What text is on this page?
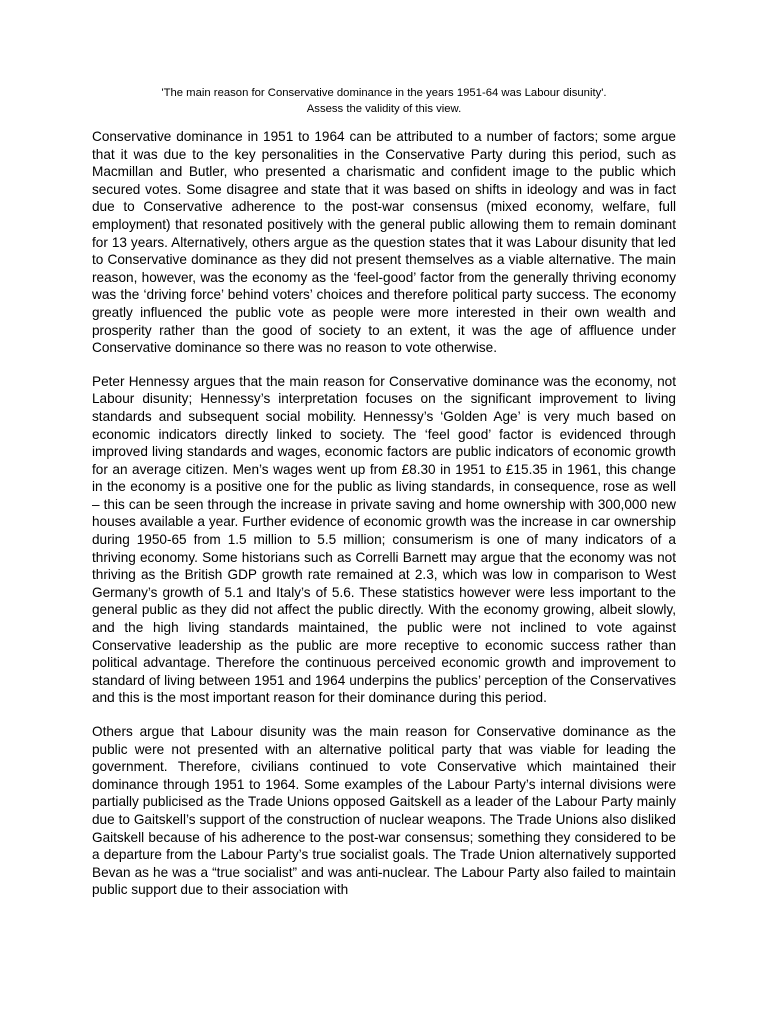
'The main reason for Conservative dominance in the years 1951-64 was Labour disunity'.
Assess the validity of this view.

Conservative dominance in 1951 to 1964 can be attributed to a number of factors; some argue that it was due to the key personalities in the Conservative Party during this period, such as Macmillan and Butler, who presented a charismatic and confident image to the public which secured votes. Some disagree and state that it was based on shifts in ideology and was in fact due to Conservative adherence to the post-war consensus (mixed economy, welfare, full employment) that resonated positively with the general public allowing them to remain dominant for 13 years. Alternatively, others argue as the question states that it was Labour disunity that led to Conservative dominance as they did not present themselves as a viable alternative. The main reason, however, was the economy as the ‘feel-good’ factor from the generally thriving economy was the ‘driving force’ behind voters’ choices and therefore political party success. The economy greatly influenced the public vote as people were more interested in their own wealth and prosperity rather than the good of society to an extent, it was the age of affluence under Conservative dominance so there was no reason to vote otherwise.

Peter Hennessy argues that the main reason for Conservative dominance was the economy, not Labour disunity; Hennessy’s interpretation focuses on the significant improvement to living standards and subsequent social mobility. Hennessy’s ‘Golden Age’ is very much based on economic indicators directly linked to society. The ‘feel good’ factor is evidenced through improved living standards and wages, economic factors are public indicators of economic growth for an average citizen. Men’s wages went up from £8.30 in 1951 to £15.35 in 1961, this change in the economy is a positive one for the public as living standards, in consequence, rose as well – this can be seen through the increase in private saving and home ownership with 300,000 new houses available a year. Further evidence of economic growth was the increase in car ownership during 1950-65 from 1.5 million to 5.5 million; consumerism is one of many indicators of a thriving economy. Some historians such as Correlli Barnett may argue that the economy was not thriving as the British GDP growth rate remained at 2.3, which was low in comparison to West Germany’s growth of 5.1 and Italy’s of 5.6. These statistics however were less important to the general public as they did not affect the public directly. With the economy growing, albeit slowly, and the high living standards maintained, the public were not inclined to vote against Conservative leadership as the public are more receptive to economic success rather than political advantage. Therefore the continuous perceived economic growth and improvement to standard of living between 1951 and 1964 underpins the publics’ perception of the Conservatives and this is the most important reason for their dominance during this period.

Others argue that Labour disunity was the main reason for Conservative dominance as the public were not presented with an alternative political party that was viable for leading the government. Therefore, civilians continued to vote Conservative which maintained their dominance through 1951 to 1964. Some examples of the Labour Party’s internal divisions were partially publicised as the Trade Unions opposed Gaitskell as a leader of the Labour Party mainly due to Gaitskell’s support of the construction of nuclear weapons. The Trade Unions also disliked Gaitskell because of his adherence to the post-war consensus; something they considered to be a departure from the Labour Party’s true socialist goals. The Trade Union alternatively supported Bevan as he was a “true socialist” and was anti-nuclear. The Labour Party also failed to maintain public support due to their association with
